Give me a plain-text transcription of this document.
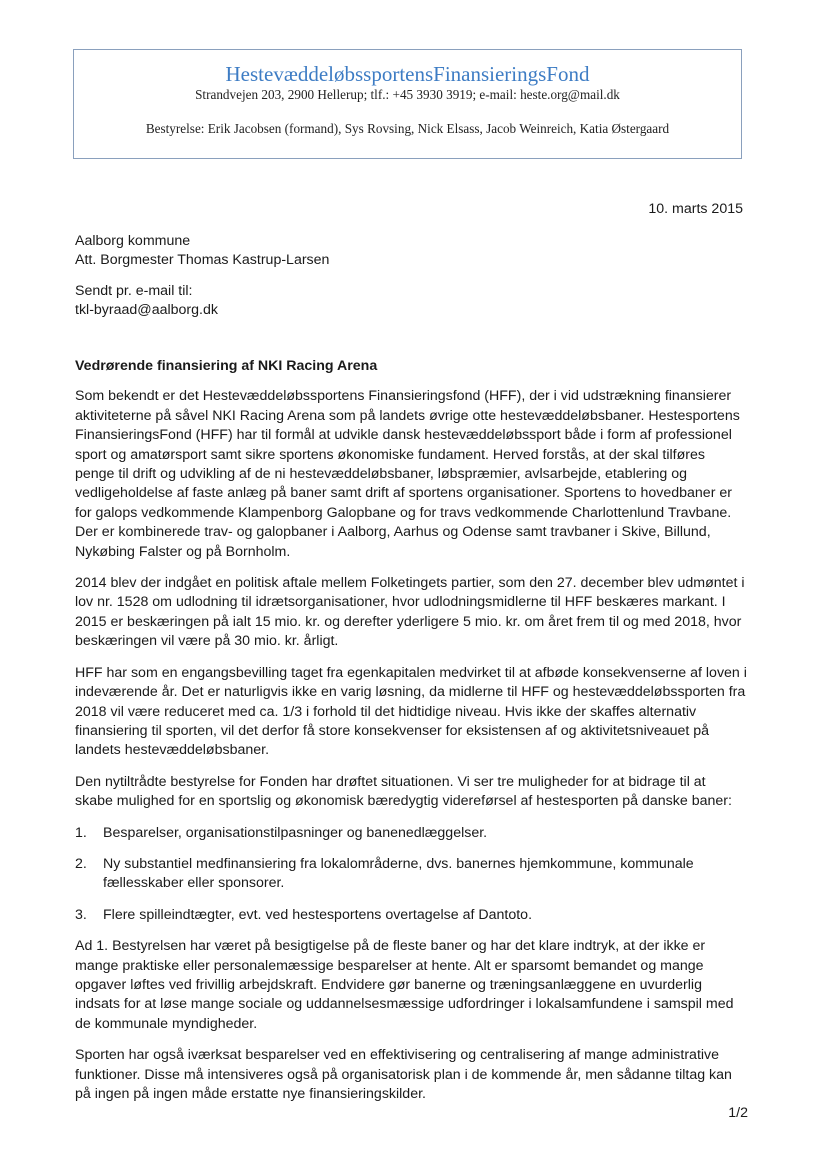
HestevæddeløbssportensFinansieringsFond
Strandvejen 203, 2900 Hellerup; tlf.: +45 3930 3919; e-mail: heste.org@mail.dk
Bestyrelse: Erik Jacobsen (formand), Sys Rovsing, Nick Elsass, Jacob Weinreich, Katia Østergaard
10. marts 2015
Aalborg kommune
Att. Borgmester Thomas Kastrup-Larsen
Sendt pr. e-mail til:
tkl-byraad@aalborg.dk

Vedrørende finansiering af NKI Racing Arena

Som bekendt er det Hestevæddeløbssportens Finansieringsfond (HFF), der i vid udstrækning finansierer aktiviteterne på såvel NKI Racing Arena som på landets øvrige otte hestevæddeløbsbaner. Hestesportens FinansieringsFond (HFF) har til formål at udvikle dansk hestevæddeløbssport både i form af professionel sport og amatørsport samt sikre sportens økonomiske fundament. Herved forstås, at der skal tilføres penge til drift og udvikling af de ni hestevæddeløbsbaner, løbspræmier, avlsarbejde, etablering og vedligeholdelse af faste anlæg på baner samt drift af sportens organisationer. Sportens to hovedbaner er for galops vedkommende Klampenborg Galopbane og for travs vedkommende Charlottenlund Travbane. Der er kombinerede trav- og galopbaner i Aalborg, Aarhus og Odense samt travbaner i Skive, Billund, Nykøbing Falster og på Bornholm.

2014 blev der indgået en politisk aftale mellem Folketingets partier, som den 27. december blev udmøntet i lov nr. 1528 om udlodning til idrætsorganisationer, hvor udlodningsmidlerne til HFF beskæres markant. I 2015 er beskæringen på ialt 15 mio. kr. og derefter yderligere 5 mio. kr. om året frem til og med 2018, hvor beskæringen vil være på 30 mio. kr. årligt.

HFF har som en engangsbevilling taget fra egenkapitalen medvirket til at afbøde konsekvenserne af loven i indeværende år. Det er naturligvis ikke en varig løsning, da midlerne til HFF og hestevæddeløbssporten fra 2018 vil være reduceret med ca. 1/3 i forhold til det hidtidige niveau. Hvis ikke der skaffes alternativ finansiering til sporten, vil det derfor få store konsekvenser for eksistensen af og aktivitetsniveauet på landets hestevæddeløbsbaner.

Den nytiltrådte bestyrelse for Fonden har drøftet situationen. Vi ser tre muligheder for at bidrage til at skabe mulighed for en sportslig og økonomisk bæredygtig videreførsel af hestesporten på danske baner:

1.	Besparelser, organisationstilpasninger og banenedlæggelser.
2.	Ny substantiel medfinansiering fra lokalområderne, dvs. banernes hjemkommune, kommunale fællesskaber eller sponsorer.
3.	Flere spilleindtægter, evt. ved hestesportens overtagelse af Dantoto.

Ad 1. Bestyrelsen har været på besigtigelse på de fleste baner og har det klare indtryk, at der ikke er mange praktiske eller personalemæssige besparelser at hente. Alt er sparsomt bemandet og mange opgaver løftes ved frivillig arbejdskraft. Endvidere gør banerne og træningsanlæggene en uvurderlig indsats for at løse mange sociale og uddannelsesmæssige udfordringer i lokalsamfundene i samspil med de kommunale myndigheder.

Sporten har også iværksat besparelser ved en effektivisering og centralisering af mange administrative funktioner. Disse må intensiveres også på organisatorisk plan i de kommende år, men sådanne tiltag kan på ingen på ingen måde erstatte nye finansieringskilder.

1/2
